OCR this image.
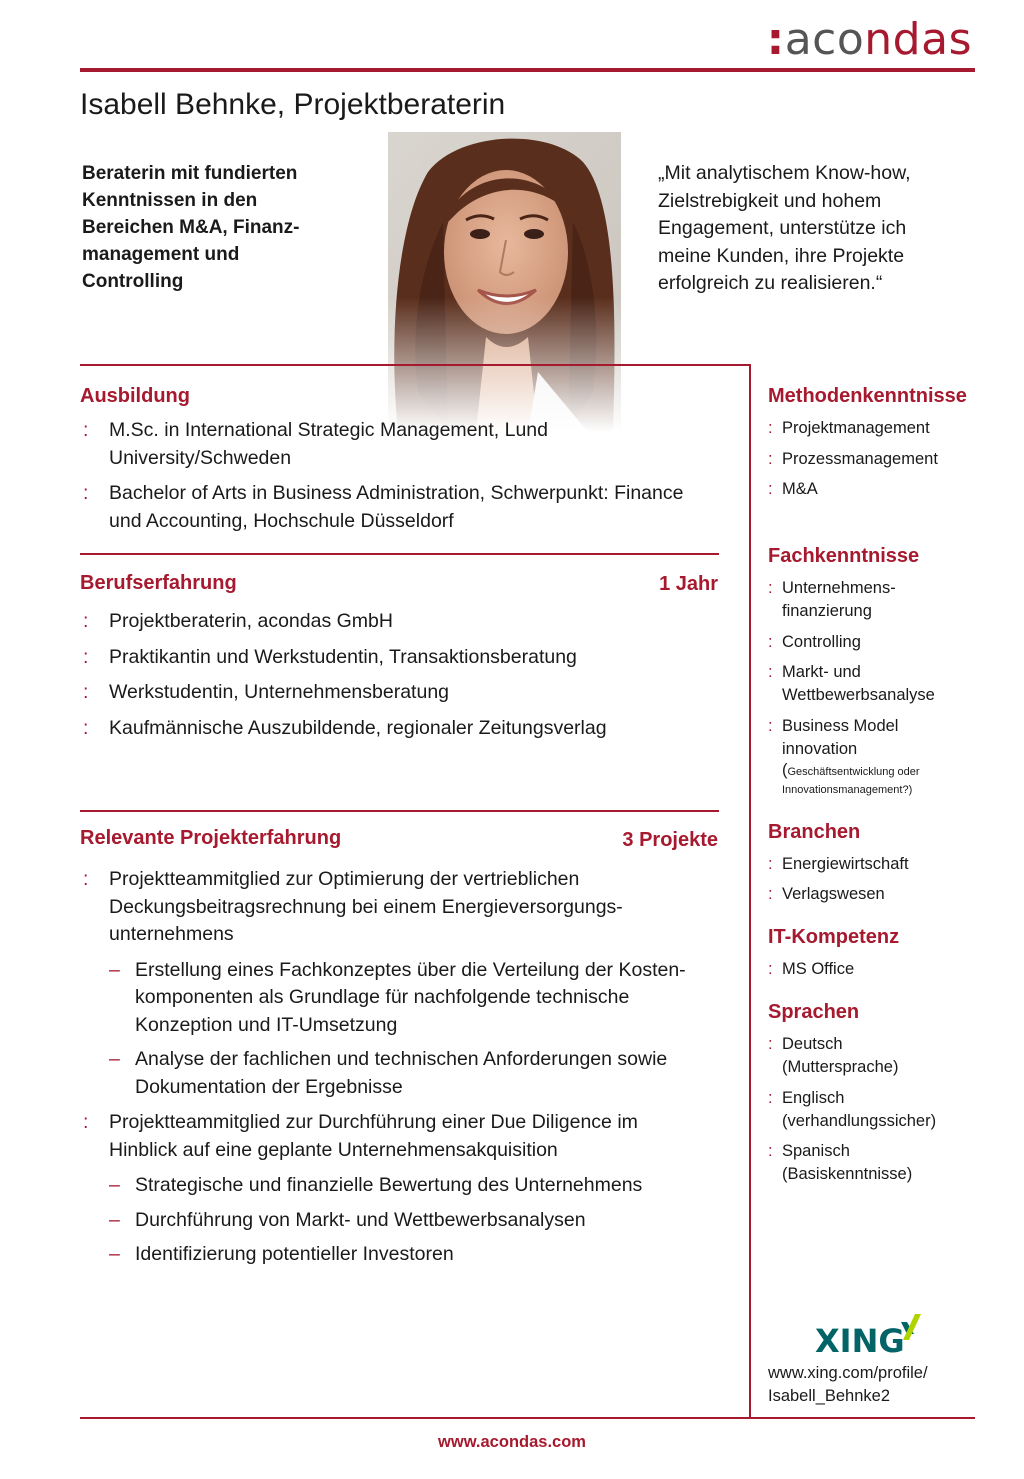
:acondas
Isabell Behnke, Projektberaterin
Beraterin mit fundierten
Kenntnissen in den
Bereichen M&A, Finanz-
management und
Controlling
„Mit analytischem Know-how,
Zielstrebigkeit und hohem
Engagement, unterstütze ich
meine Kunden, ihre Projekte
erfolgreich zu realisieren.“
Ausbildung
: M.Sc. in International Strategic Management, Lund
University/Schweden
: Bachelor of Arts in Business Administration, Schwerpunkt: Finance
und Accounting, Hochschule Düsseldorf
Berufserfahrung	1 Jahr
: Projektberaterin, acondas GmbH
: Praktikantin und Werkstudentin, Transaktionsberatung
: Werkstudentin, Unternehmensberatung
: Kaufmännische Auszubildende, regionaler Zeitungsverlag
Relevante Projekterfahrung	3 Projekte
: Projektteammitglied zur Optimierung der vertrieblichen
Deckungsbeitragsrechnung bei einem Energieversorgungs-
unternehmens
– Erstellung eines Fachkonzeptes über die Verteilung der Kosten-
komponenten als Grundlage für nachfolgende technische
Konzeption und IT-Umsetzung
– Analyse der fachlichen und technischen Anforderungen sowie
Dokumentation der Ergebnisse
: Projektteammitglied zur Durchführung einer Due Diligence im
Hinblick auf eine geplante Unternehmensakquisition
– Strategische und finanzielle Bewertung des Unternehmens
– Durchführung von Markt- und Wettbewerbsanalysen
– Identifizierung potentieller Investoren
Methodenkenntnisse
: Projektmanagement
: Prozessmanagement
: M&A
Fachkenntnisse
: Unternehmens-
finanzierung
: Controlling
: Markt- und
Wettbewerbsanalyse
: Business Model
innovation
(Geschäftsentwicklung oder
Innovationsmanagement?)
Branchen
: Energiewirtschaft
: Verlagswesen
IT-Kompetenz
: MS Office
Sprachen
: Deutsch
(Muttersprache)
: Englisch
(verhandlungssicher)
: Spanisch
(Basiskenntnisse)
XING
www.xing.com/profile/
Isabell_Behnke2
www.acondas.com
